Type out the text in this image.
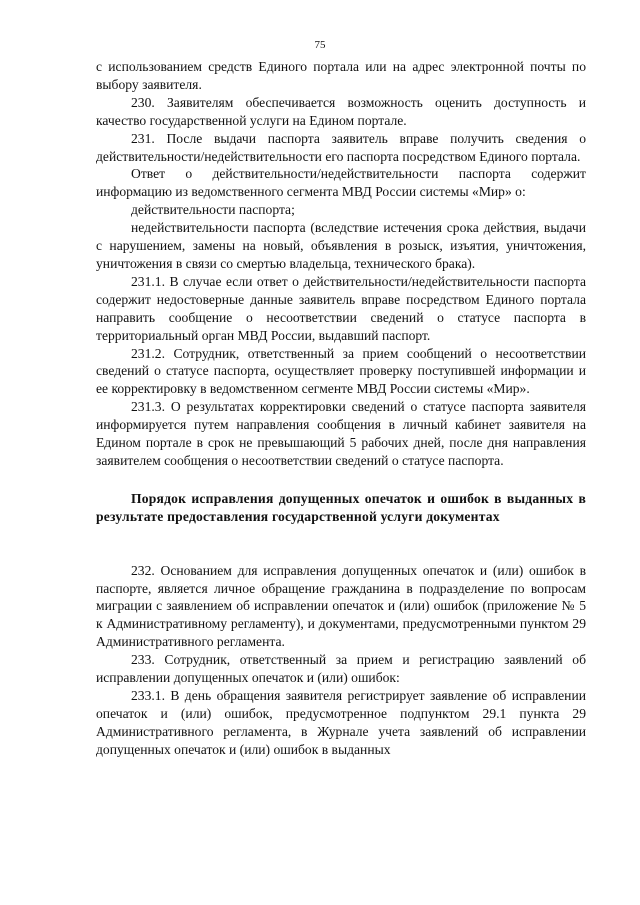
75

с использованием средств Единого портала или на адрес электронной почты по выбору заявителя.

230. Заявителям обеспечивается возможность оценить доступность и качество государственной услуги на Едином портале.

231. После выдачи паспорта заявитель вправе получить сведения о действительности/недействительности его паспорта посредством Единого портала.

Ответ о действительности/недействительности паспорта содержит информацию из ведомственного сегмента МВД России системы «Мир» о:

действительности паспорта;

недействительности паспорта (вследствие истечения срока действия, выдачи с нарушением, замены на новый, объявления в розыск, изъятия, уничтожения, уничтожения в связи со смертью владельца, технического брака).

231.1. В случае если ответ о действительности/недействительности паспорта содержит недостоверные данные заявитель вправе посредством Единого портала направить сообщение о несоответствии сведений о статусе паспорта в территориальный орган МВД России, выдавший паспорт.

231.2. Сотрудник, ответственный за прием сообщений о несоответствии сведений о статусе паспорта, осуществляет проверку поступившей информации и ее корректировку в ведомственном сегменте МВД России системы «Мир».

231.3. О результатах корректировки сведений о статусе паспорта заявителя информируется путем направления сообщения в личный кабинет заявителя на Едином портале в срок не превышающий 5 рабочих дней, после дня направления заявителем сообщения о несоответствии сведений о статусе паспорта.

Порядок исправления допущенных опечаток и ошибок в выданных в результате предоставления государственной услуги документах

232. Основанием для исправления допущенных опечаток и (или) ошибок в паспорте, является личное обращение гражданина в подразделение по вопросам миграции с заявлением об исправлении опечаток и (или) ошибок (приложение № 5 к Административному регламенту), и документами, предусмотренными пунктом 29 Административного регламента.

233. Сотрудник, ответственный за прием и регистрацию заявлений об исправлении допущенных опечаток и (или) ошибок:

233.1. В день обращения заявителя регистрирует заявление об исправлении опечаток и (или) ошибок, предусмотренное подпунктом 29.1 пункта 29 Административного регламента, в Журнале учета заявлений об исправлении допущенных опечаток и (или) ошибок в выданных
